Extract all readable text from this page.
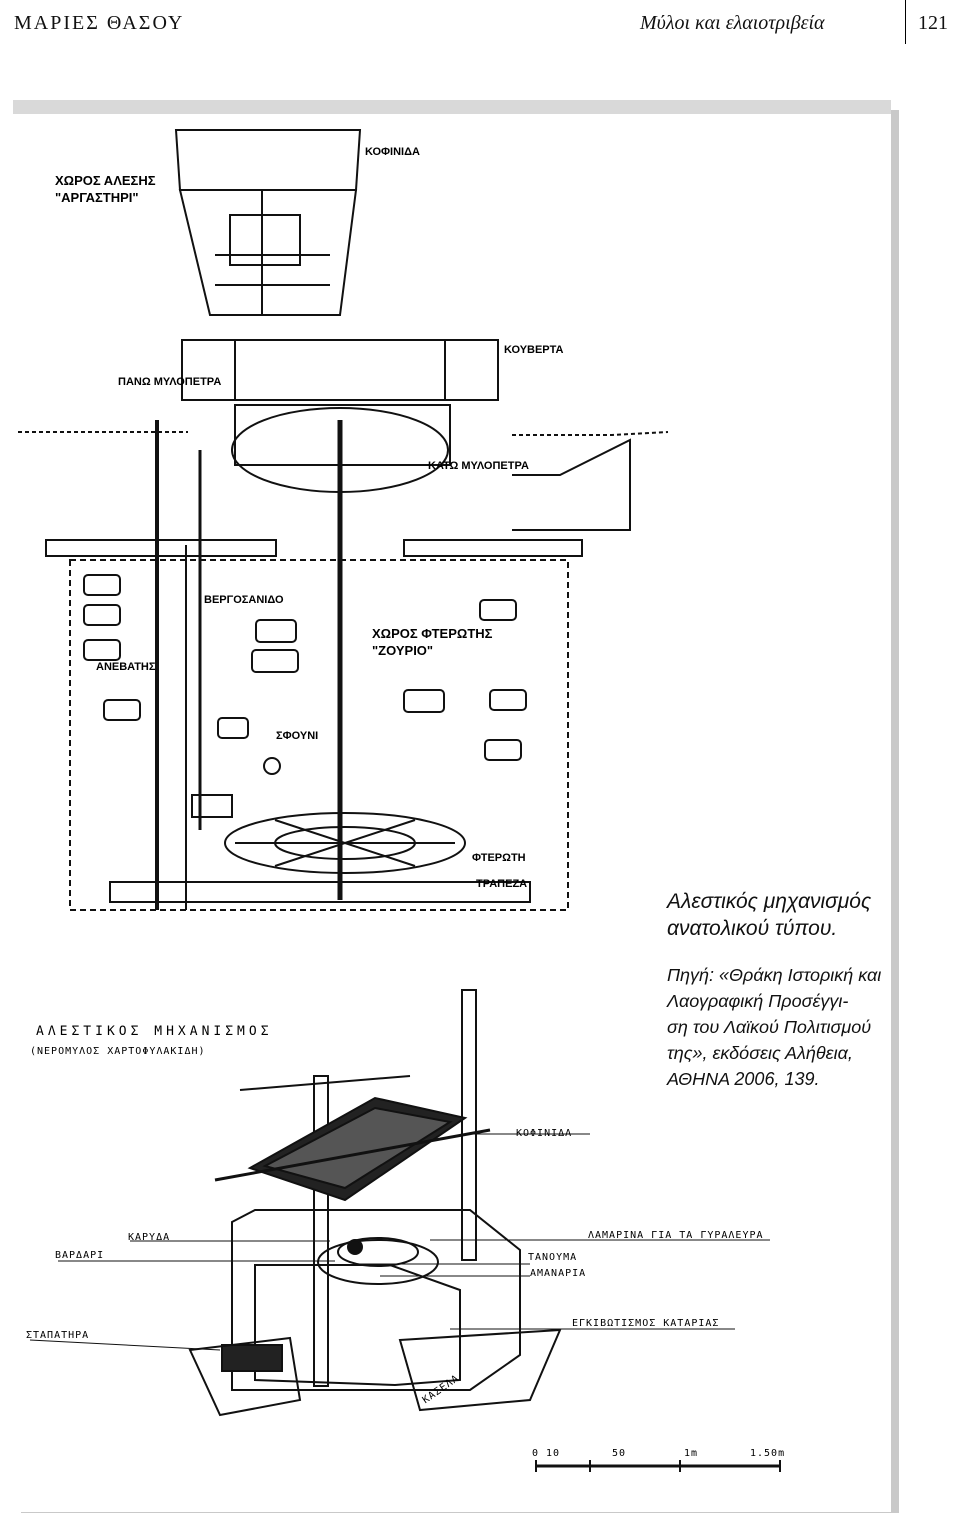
ΜΑΡΙΕΣ ΘΑΣΟΥ	Μύλοι και ελαιοτριβεία	121
ΧΩΡΟΣ ΑΛΕΣΗΣ
"ΑΡΓΑΣΤΗΡΙ"
ΚΟΦΙΝΙΔΑ
ΚΟΥΒΕΡΤΑ
ΠΑΝΩ ΜΥΛΟΠΕΤΡΑ
ΚΑΤΩ ΜΥΛΟΠΕΤΡΑ
ΒΕΡΓΟΣΑΝΙΔΟ
ΧΩΡΟΣ ΦΤΕΡΩΤΗΣ
"ΖΟΥΡΙΟ"
ΑΝΕΒΑΤΗΣ
ΣΦΟΥΝΙ
ΦΤΕΡΩΤΗ
ΤΡΑΠΕΖΑ
Αλεστικός μηχανισμός ανατολικού τύπου.
Πηγή: «Θράκη Ιστορική και Λαογραφική Προσέγγι-
ση του Λαϊκού Πολιτισμού της», εκδόσεις Αλήθεια, ΑΘΗΝΑ 2006, 139.
ΑΛΕΣΤΙΚΟΣ ΜΗΧΑΝΙΣΜΟΣ
(ΝΕΡΟΜΥΛΟΣ ΧΑΡΤΟΦΥΛΑΚΙΔΗ)
ΚΟΦΙΝΙΔΑ
ΚΑΡΥΔΑ
ΒΑΡΔΑΡΙ
ΛΑΜΑΡΙΝΑ ΓΙΑ ΤΑ ΓΥΡΑΛΕΥΡΑ
ΤΑΝΟΥΜΑ
ΑΜΑΝΑΡΙΑ
ΣΤΑΠΑΤΗΡΑ
ΕΓΚΙΒΩΤΙΣΜΟΣ ΚΑΤΑΡΙΑΣ
ΚΑΣΕΛΑ
0 10	50	1m	1.50m
